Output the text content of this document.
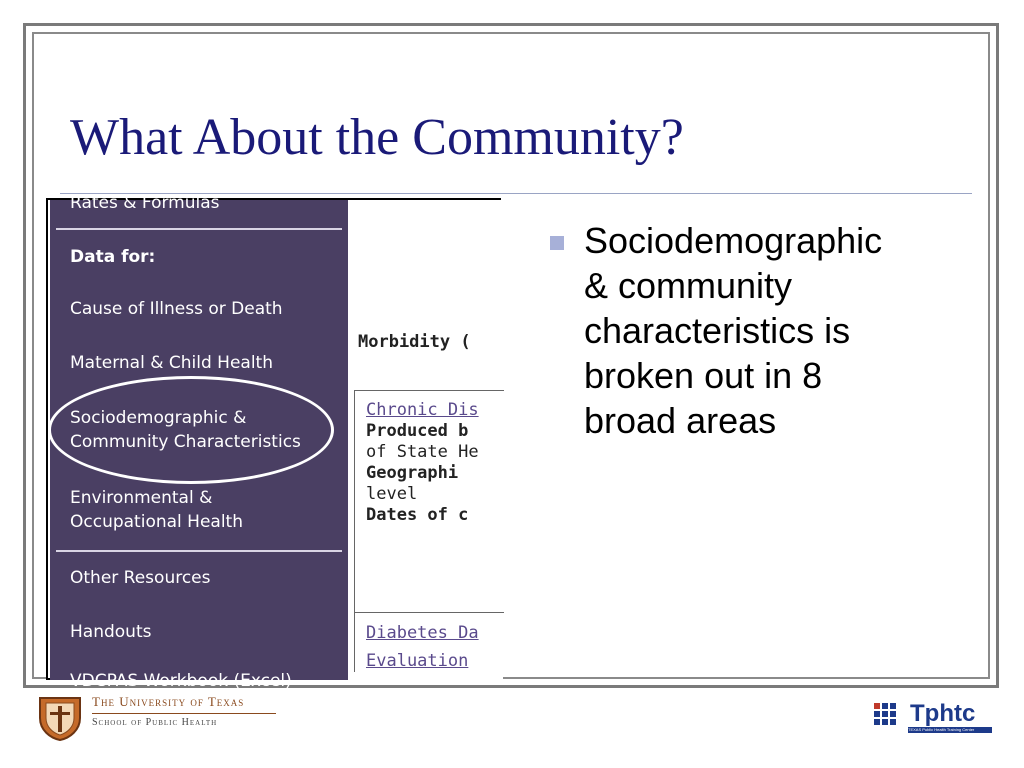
What About the Community?
Rates & Formulas
Data for:
Cause of Illness or Death
Maternal & Child Health
Sociodemographic &
Community Characteristics
Environmental &
Occupational Health
Other Resources
Handouts
VDCPAS Workbook (Excel)
Morbidity (
Chronic Dis
Produced b
of State He
Geographi
level
Dates of c
Diabetes Da
Evaluation
Sociodemographic
& community
characteristics is
broken out in 8
broad areas
The University of Texas
School of Public Health	Tphtc
TEXAS Public Health Training Center
